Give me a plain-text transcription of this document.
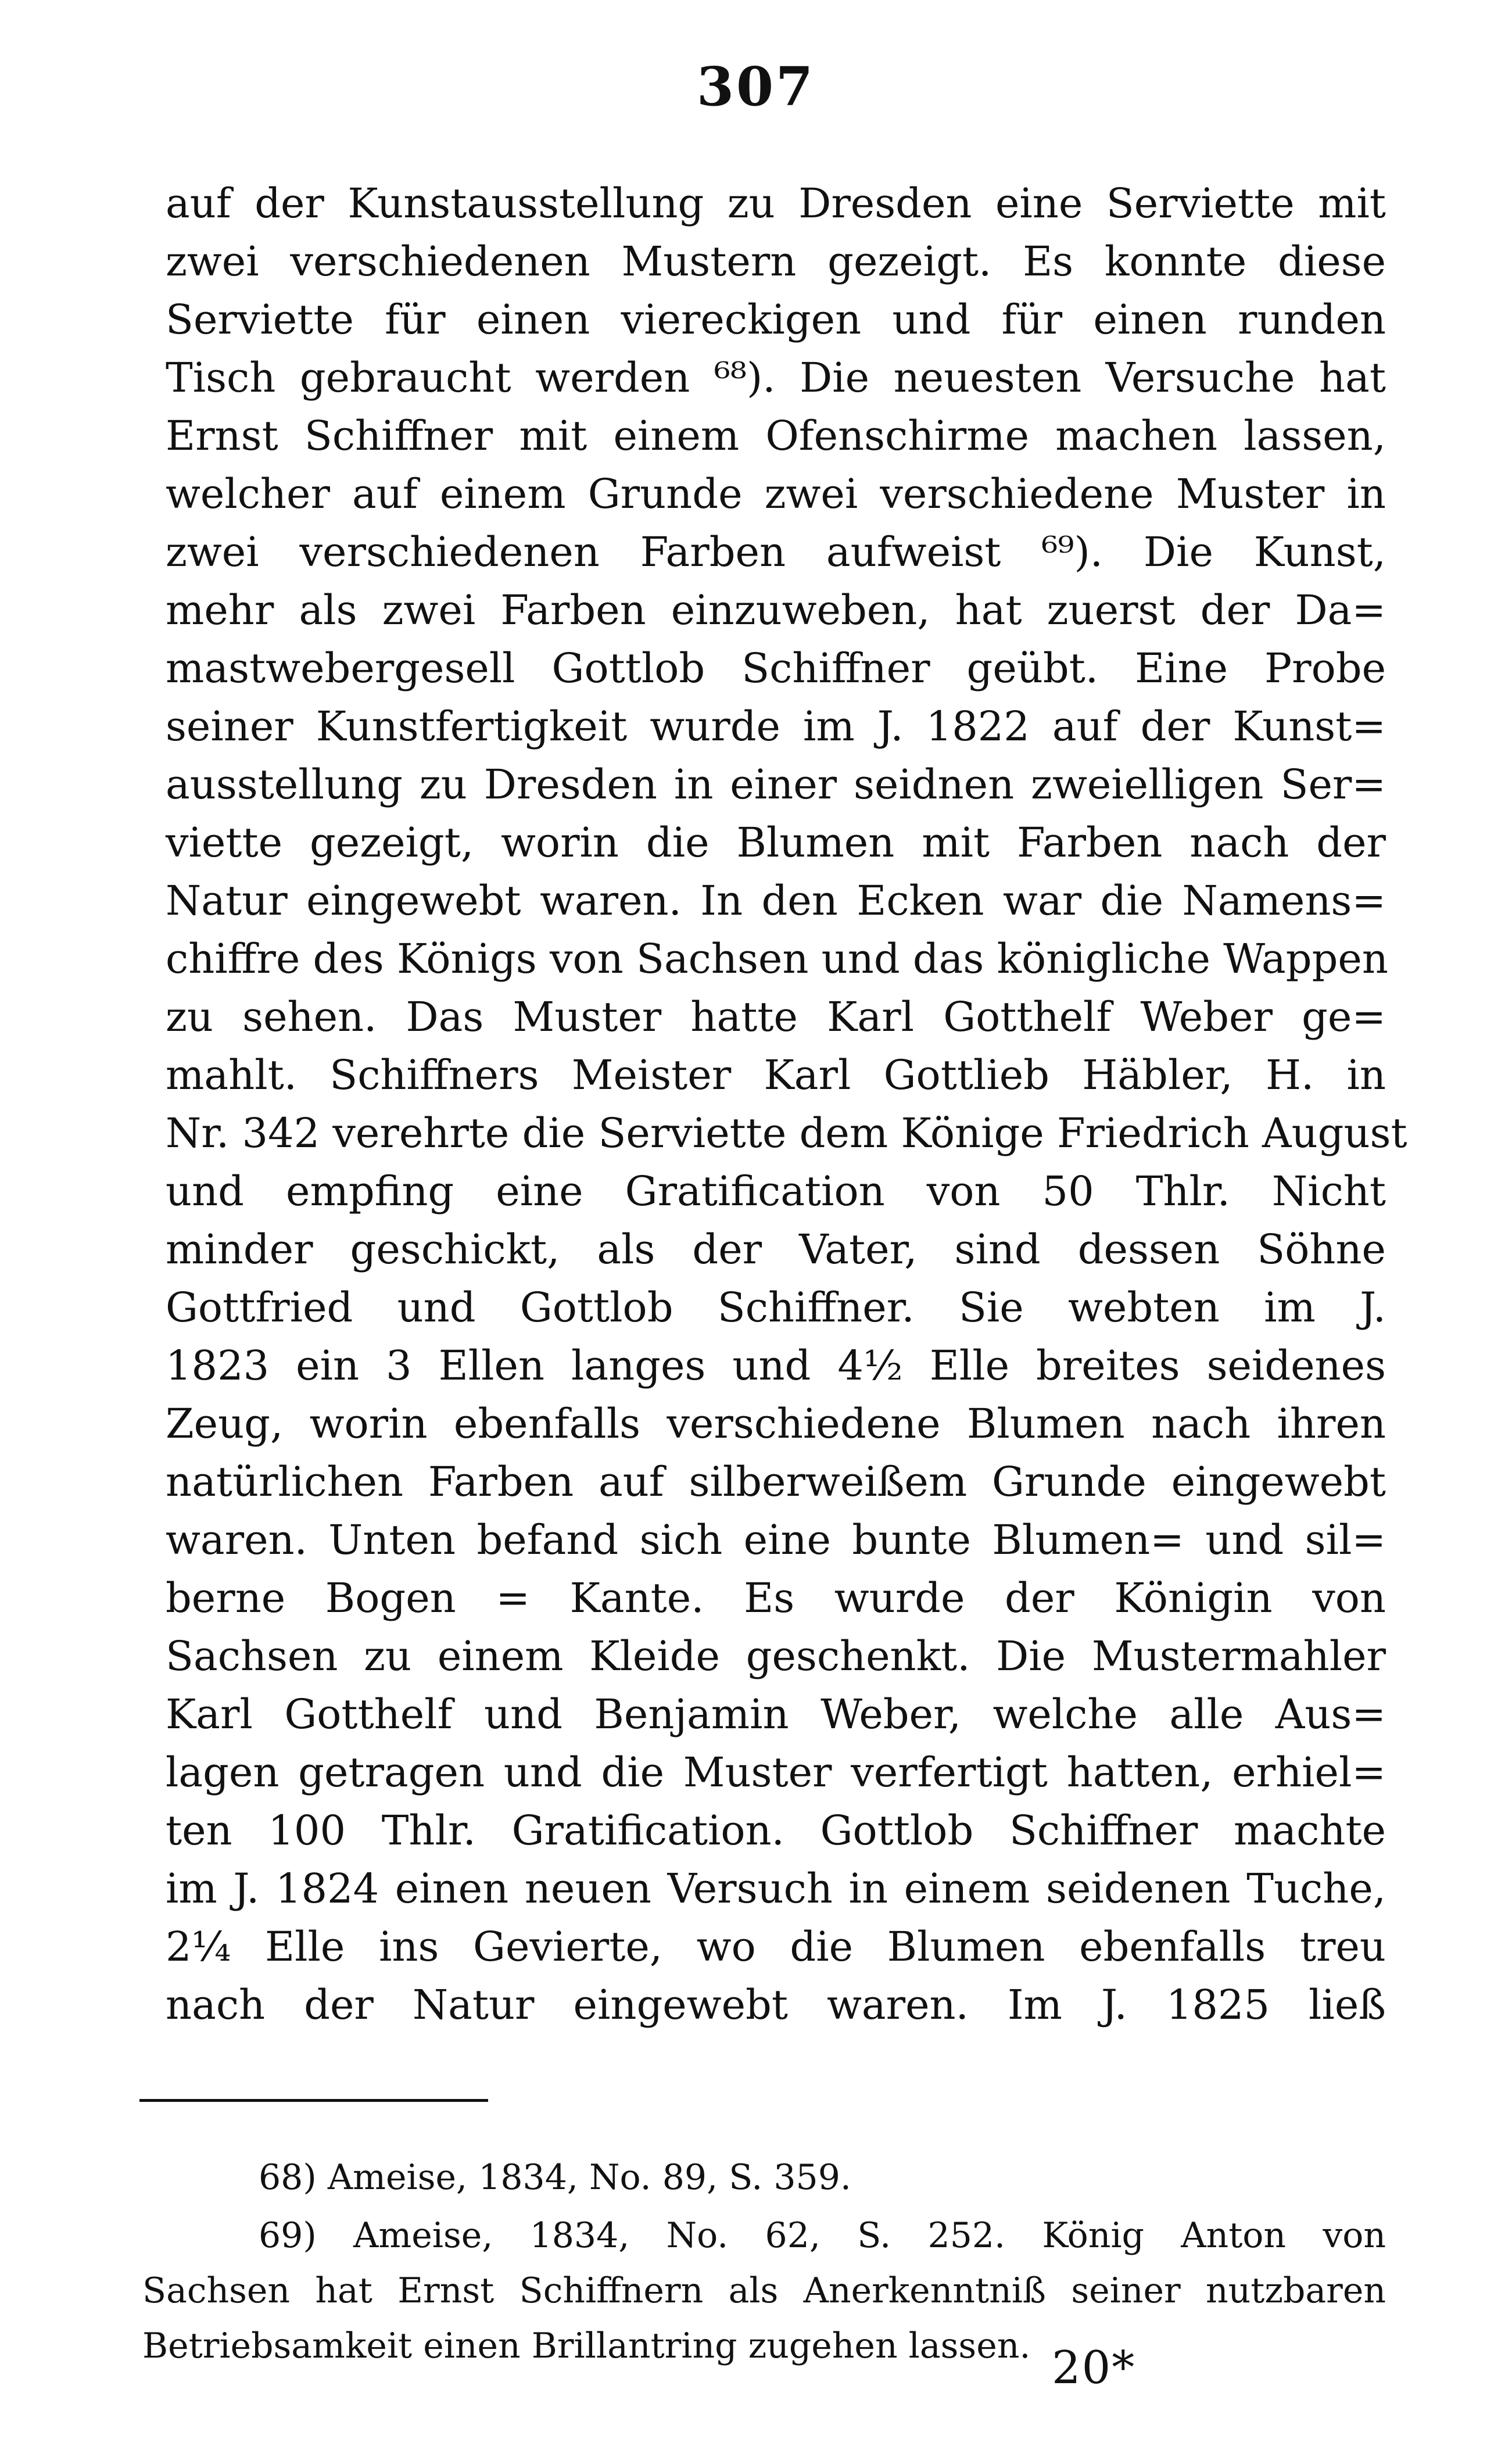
307
auf der Kunstausstellung zu Dresden eine Serviette mit
zwei verschiedenen Mustern gezeigt. Es konnte diese
Serviette für einen viereckigen und für einen runden
Tisch gebraucht werden ⁶⁸). Die neuesten Versuche hat
Ernst Schiffner mit einem Ofenschirme machen lassen,
welcher auf einem Grunde zwei verschiedene Muster in
zwei verschiedenen Farben aufweist ⁶⁹). Die Kunst,
mehr als zwei Farben einzuweben, hat zuerst der Da=
mastwebergesell Gottlob Schiffner geübt. Eine Probe
seiner Kunstfertigkeit wurde im J. 1822 auf der Kunst=
ausstellung zu Dresden in einer seidnen zweielligen Ser=
viette gezeigt, worin die Blumen mit Farben nach der
Natur eingewebt waren. In den Ecken war die Namens=
chiffre des Königs von Sachsen und das königliche Wappen
zu sehen. Das Muster hatte Karl Gotthelf Weber ge=
mahlt. Schiffners Meister Karl Gottlieb Häbler, H. in
Nr. 342 verehrte die Serviette dem Könige Friedrich August
und empfing eine Gratification von 50 Thlr. Nicht
minder geschickt, als der Vater, sind dessen Söhne
Gottfried und Gottlob Schiffner. Sie webten im J.
1823 ein 3 Ellen langes und 4½ Elle breites seidenes
Zeug, worin ebenfalls verschiedene Blumen nach ihren
natürlichen Farben auf silberweißem Grunde eingewebt
waren. Unten befand sich eine bunte Blumen= und sil=
berne Bogen = Kante. Es wurde der Königin von
Sachsen zu einem Kleide geschenkt. Die Mustermahler
Karl Gotthelf und Benjamin Weber, welche alle Aus=
lagen getragen und die Muster verfertigt hatten, erhiel=
ten 100 Thlr. Gratification. Gottlob Schiffner machte
im J. 1824 einen neuen Versuch in einem seidenen Tuche,
2¼ Elle ins Gevierte, wo die Blumen ebenfalls treu
nach der Natur eingewebt waren. Im J. 1825 ließ
68) Ameise, 1834, No. 89, S. 359.
69) Ameise, 1834, No. 62, S. 252. König Anton von
Sachsen hat Ernst Schiffnern als Anerkenntniß seiner nutzbaren
Betriebsamkeit einen Brillantring zugehen lassen. 20*
